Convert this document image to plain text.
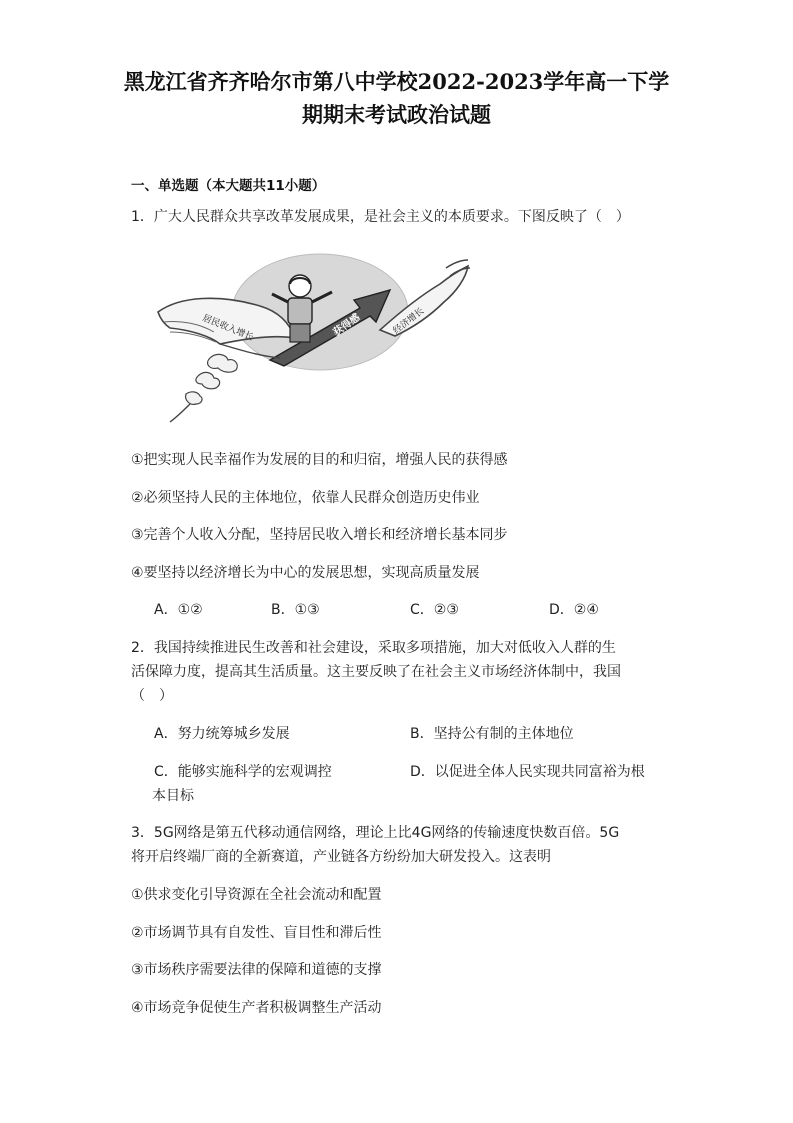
黑龙江省齐齐哈尔市第八中学校2022-2023学年高一下学
期期末考试政治试题
一、单选题（本大题共11小题）
1．广大人民群众共享改革发展成果，是社会主义的本质要求。下图反映了（　）
居民收入增长	经济增长
获得感
①把实现人民幸福作为发展的目的和归宿，增强人民的获得感
②必须坚持人民的主体地位，依靠人民群众创造历史伟业
③完善个人收入分配，坚持居民收入增长和经济增长基本同步
④要坚持以经济增长为中心的发展思想，实现高质量发展
A．①②	B．①③	C．②③	D．②④
2．我国持续推进民生改善和社会建设，采取多项措施，加大对低收入人群的生
活保障力度，提高其生活质量。这主要反映了在社会主义市场经济体制中，我国
（　）
A．努力统筹城乡发展	B．坚持公有制的主体地位
C．能够实施科学的宏观调控	D．以促进全体人民实现共同富裕为根
本目标
3．5G网络是第五代移动通信网络，理论上比4G网络的传输速度快数百倍。5G
将开启终端厂商的全新赛道，产业链各方纷纷加大研发投入。这表明
①供求变化引导资源在全社会流动和配置
②市场调节具有自发性、盲目性和滞后性
③市场秩序需要法律的保障和道德的支撑
④市场竞争促使生产者积极调整生产活动
